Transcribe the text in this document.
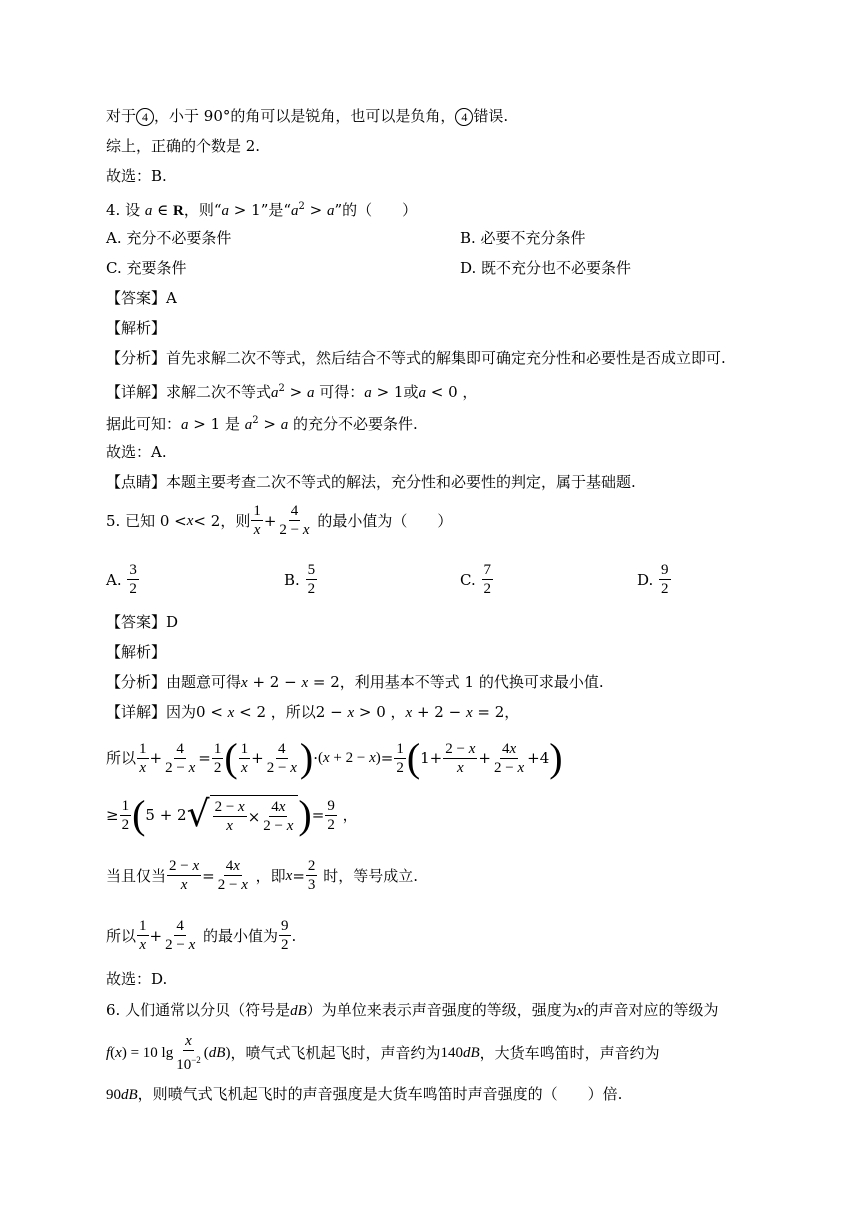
对于 4 ，小于 90°的角可以是锐角，也可以是负角， 4 错误.
综上，正确的个数是 2.
故选：B.
4. 设 a ∈ R，则“a > 1”是“$a^2 > a$”的（　　）
A. 充分不必要条件	B. 必要不充分条件
C. 充要条件	D. 既不充分也不必要条件
【答案】A
【解析】
【分析】首先求解二次不等式，然后结合不等式的解集即可确定充分性和必要性是否成立即可.
【详解】求解二次不等式$a^2 > a$ 可得：a > 1或a < 0 ，
据此可知：a > 1 是 $a^2 > a$ 的充分不必要条件.
故选：A.
【点睛】本题主要考查二次不等式的解法，充分性和必要性的判定，属于基础题.
5. 已知 0 < x < 2 ，则 $\frac{1}{x} + \frac{4}{2 - x}$
的最小值为（　　）
A.
$\frac{3}{2}$	B.
$\frac{5}{2}$	C.
$\frac{7}{2}$	D.
$\frac{9}{2}$
【答案】D
【解析】
【分析】由题意可得x + 2 − x = 2，利用基本不等式 1 的代换可求最小值.
【详解】因为0 < x < 2 ，所以2 − x > 0 ，x + 2 − x = 2，
所以 $\frac{1}{x} + \frac{4}{2 - x} = \frac{1}{2}$ ( $\frac{1}{x} + \frac{4}{2 - x}$ ) · $(x + 2 - x) = \frac{1}{2}$ ( $1+ \frac{2 - x}{x} + \frac{4x}{2 - x} +4$ )
≥ $\frac{1}{2}$ ( 5 + 2 √ $\frac{2 - x}{x} \times \frac{4x}{2 - x}$ ) = $\frac{9}{2}$ ，
当且仅当 $\frac{2 - x}{x} = \frac{4x}{2 - x}$
，即 $x = \frac{2}{3}$
时，等号成立.
所以 $\frac{1}{x} + \frac{4}{2 - x}$
的最小值为 $\frac{9}{2}$ .
故选：D.
6. 人们通常以分贝（符号是dB）为单位来表示声音强度的等级，强度为x的声音对应的等级为
f(x) = 10 $\lg \frac{x}{10^{-2}} (dB)$ ，喷气式飞机起飞时，声音约为 140dB ，大货车鸣笛时，声音约为
90dB，则喷气式飞机起飞时的声音强度是大货车鸣笛时声音强度的（　　）倍.
